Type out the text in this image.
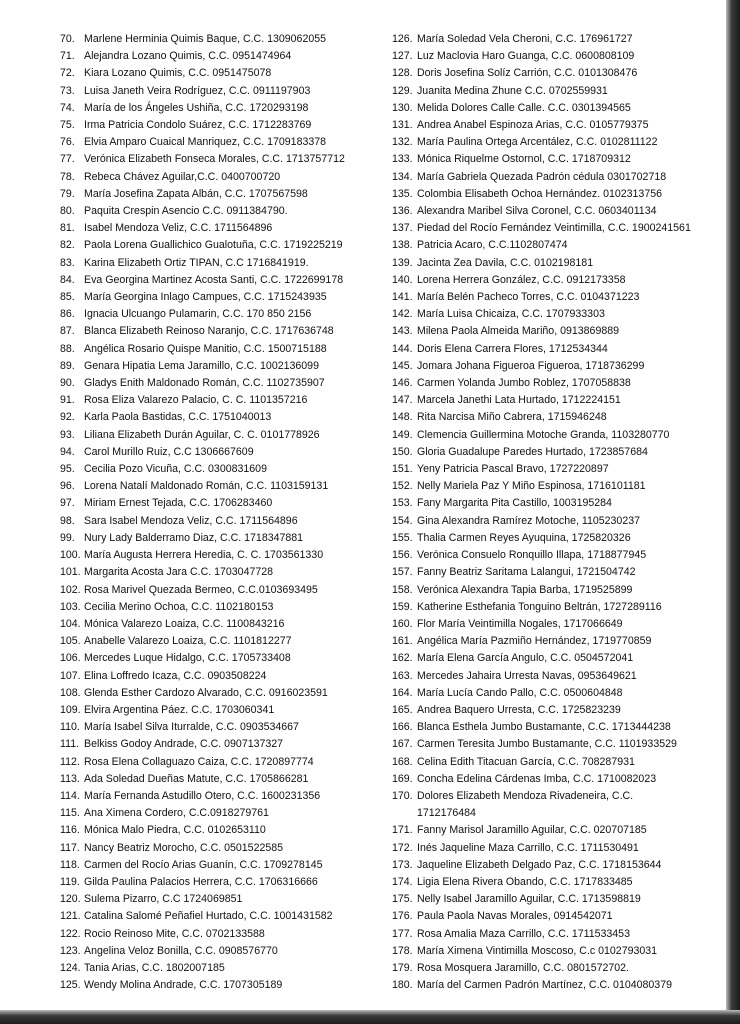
70. Marlene Herminia Quimis Baque, C.C. 1309062055
71. Alejandra Lozano Quimis, C.C. 0951474964
72. Kiara Lozano Quimis, C.C. 0951475078
73. Luisa Janeth Veira Rodríguez, C.C. 0911197903
74. María de los Ángeles Ushiña, C.C. 1720293198
75. Irma Patricia Condolo Suárez, C.C. 1712283769
76. Elvia Amparo Cuaical Manriquez, C.C. 1709183378
77. Verónica Elizabeth Fonseca Morales, C.C. 1713757712
78. Rebeca Chávez Aguilar,C.C. 0400700720
79. María Josefina Zapata Albán, C.C. 1707567598
80. Paquita Crespin Asencio C.C. 0911384790.
81. Isabel Mendoza Veliz, C.C. 1711564896
82. Paola Lorena Guallichico Gualotuña, C.C. 1719225219
83. Karina Elizabeth Ortiz TIPAN, C.C 1716841919.
84. Eva Georgina Martinez Acosta Santi, C.C. 1722699178
85. María Georgina Inlago Campues, C.C. 1715243935
86. Ignacia Ulcuango Pulamarin, C.C. 170 850 2156
87. Blanca Elizabeth Reinoso Naranjo, C.C. 1717636748
88. Angélica Rosario Quispe Manitio, C.C. 1500715188
89. Genara Hipatia Lema Jaramillo, C.C. 1002136099
90. Gladys Enith Maldonado Román, C.C. 1102735907
91. Rosa Eliza Valarezo Palacio, C. C. 1101357216
92. Karla Paola Bastidas, C.C. 1751040013
93. Liliana Elizabeth Durán Aguilar, C. C. 0101778926
94. Carol Murillo Ruiz, C.C 1306667609
95. Cecilia Pozo Vicuña, C.C. 0300831609
96. Lorena Natalí Maldonado Román, C.C. 1103159131
97. Miriam Ernest Tejada, C.C. 1706283460
98. Sara Isabel Mendoza Veliz, C.C. 1711564896
99. Nury Lady Balderramo Diaz, C.C. 1718347881
100. María Augusta Herrera Heredia, C. C. 1703561330
101. Margarita Acosta Jara C.C. 1703047728
102. Rosa Marivel Quezada Bermeo, C.C.0103693495
103. Cecilia Merino Ochoa, C.C. 1102180153
104. Mónica Valarezo Loaiza, C.C. 1100843216
105. Anabelle Valarezo Loaiza, C.C. 1101812277
106. Mercedes Luque Hidalgo, C.C. 1705733408
107. Elina Loffredo Icaza, C.C. 0903508224
108. Glenda Esther Cardozo Alvarado, C.C. 0916023591
109. Elvira Argentina Páez. C.C. 1703060341
110. María Isabel Silva Iturralde, C.C. 0903534667
111. Belkiss Godoy Andrade, C.C. 0907137327
112. Rosa Elena Collaguazo Caiza, C.C. 1720897774
113. Ada Soledad Dueñas Matute, C.C. 1705866281
114. María Fernanda Astudillo Otero, C.C. 1600231356
115. Ana Ximena Cordero, C.C.0918279761
116. Mónica Malo Piedra, C.C. 0102653110
117. Nancy Beatriz Morocho, C.C. 0501522585
118. Carmen del Rocío Arias Guanín, C.C. 1709278145
119. Gilda Paulina Palacios Herrera, C.C. 1706316666
120. Sulema Pizarro, C.C 1724069851
121. Catalina Salomé Peñafiel Hurtado, C.C. 1001431582
122. Rocio Reinoso Mite, C.C. 0702133588
123. Angelina Veloz Bonilla, C.C. 0908576770
124. Tania Arias, C.C. 1802007185
125. Wendy Molina Andrade, C.C. 1707305189
126. María Soledad Vela Cheroni, C.C. 176961727
127. Luz Maclovia Haro Guanga, C.C. 0600808109
128. Doris Josefina Solíz Carrión, C.C. 0101308476
129. Juanita Medina Zhune C.C. 0702559931
130. Melida Dolores Calle Calle. C.C. 0301394565
131. Andrea Anabel Espinoza Arias, C.C. 0105779375
132. María Paulina Ortega Arcentález, C.C. 0102811122
133. Mónica Riquelme Ostornol, C.C. 1718709312
134. María Gabriela Quezada Padrón cédula 0301702718
135. Colombia Elisabeth Ochoa Hernández. 0102313756
136. Alexandra Maribel Silva Coronel, C.C. 0603401134
137. Piedad del Rocío Fernández Veintimilla, C.C. 1900241561
138. Patricia Acaro, C.C.1102807474
139. Jacinta Zea Davila, C.C. 0102198181
140. Lorena Herrera González, C.C. 0912173358
141. María Belén Pacheco Torres, C.C. 0104371223
142. María Luisa Chicaiza, C.C. 1707933303
143. Milena Paola Almeida Mariño, 0913869889
144. Doris Elena Carrera Flores, 1712534344
145. Jomara Johana Figueroa Figueroa, 1718736299
146. Carmen Yolanda Jumbo Roblez, 1707058838
147. Marcela Janethi Lata Hurtado, 1712224151
148. Rita Narcisa Miño Cabrera, 1715946248
149. Clemencia Guillermina Motoche Granda, 1103280770
150. Gloria Guadalupe Paredes Hurtado, 1723857684
151. Yeny Patricia Pascal Bravo, 1727220897
152. Nelly Mariela Paz Y Miño Espinosa, 1716101181
153. Fany Margarita Pita Castillo, 1003195284
154. Gina Alexandra Ramírez Motoche, 1105230237
155. Thalia Carmen Reyes Ayuquina, 1725820326
156. Verónica Consuelo Ronquillo Illapa, 1718877945
157. Fanny Beatriz Saritama Lalangui, 1721504742
158. Verónica Alexandra Tapia Barba, 1719525899
159. Katherine Esthefania Tonguino Beltrán, 1727289116
160. Flor María Veintimilla Nogales, 1717066649
161. Angélica María Pazmiño Hernández, 1719770859
162. María Elena García Angulo, C.C. 0504572041
163. Mercedes Jahaira Urresta Navas, 0953649621
164. María Lucía Cando Pallo, C.C. 0500604848
165. Andrea Baquero Urresta, C.C. 1725823239
166. Blanca Esthela Jumbo Bustamante, C.C. 1713444238
167. Carmen Teresita Jumbo Bustamante, C.C. 1101933529
168. Celina Edith Titacuan García, C.C. 708287931
169. Concha Edelina Cárdenas Imba, C.C. 1710082023
170. Dolores Elizabeth Mendoza Rivadeneira, C.C.
1712176484
171. Fanny Marisol Jaramillo Aguilar, C.C. 020707185
172. Inés Jaqueline Maza Carrillo, C.C. 1711530491
173. Jaqueline Elizabeth Delgado Paz, C.C. 1718153644
174. Ligia Elena Rivera Obando, C.C. 1717833485
175. Nelly Isabel Jaramillo Aguilar, C.C. 1713598819
176. Paula Paola Navas Morales, 0914542071
177. Rosa Amalia Maza Carrillo, C.C. 1711533453
178. María Ximena Vintimilla Moscoso, C.c 0102793031
179. Rosa Mosquera Jaramillo, C.C. 0801572702.
180. María del Carmen Padrón Martínez, C.C. 0104080379
